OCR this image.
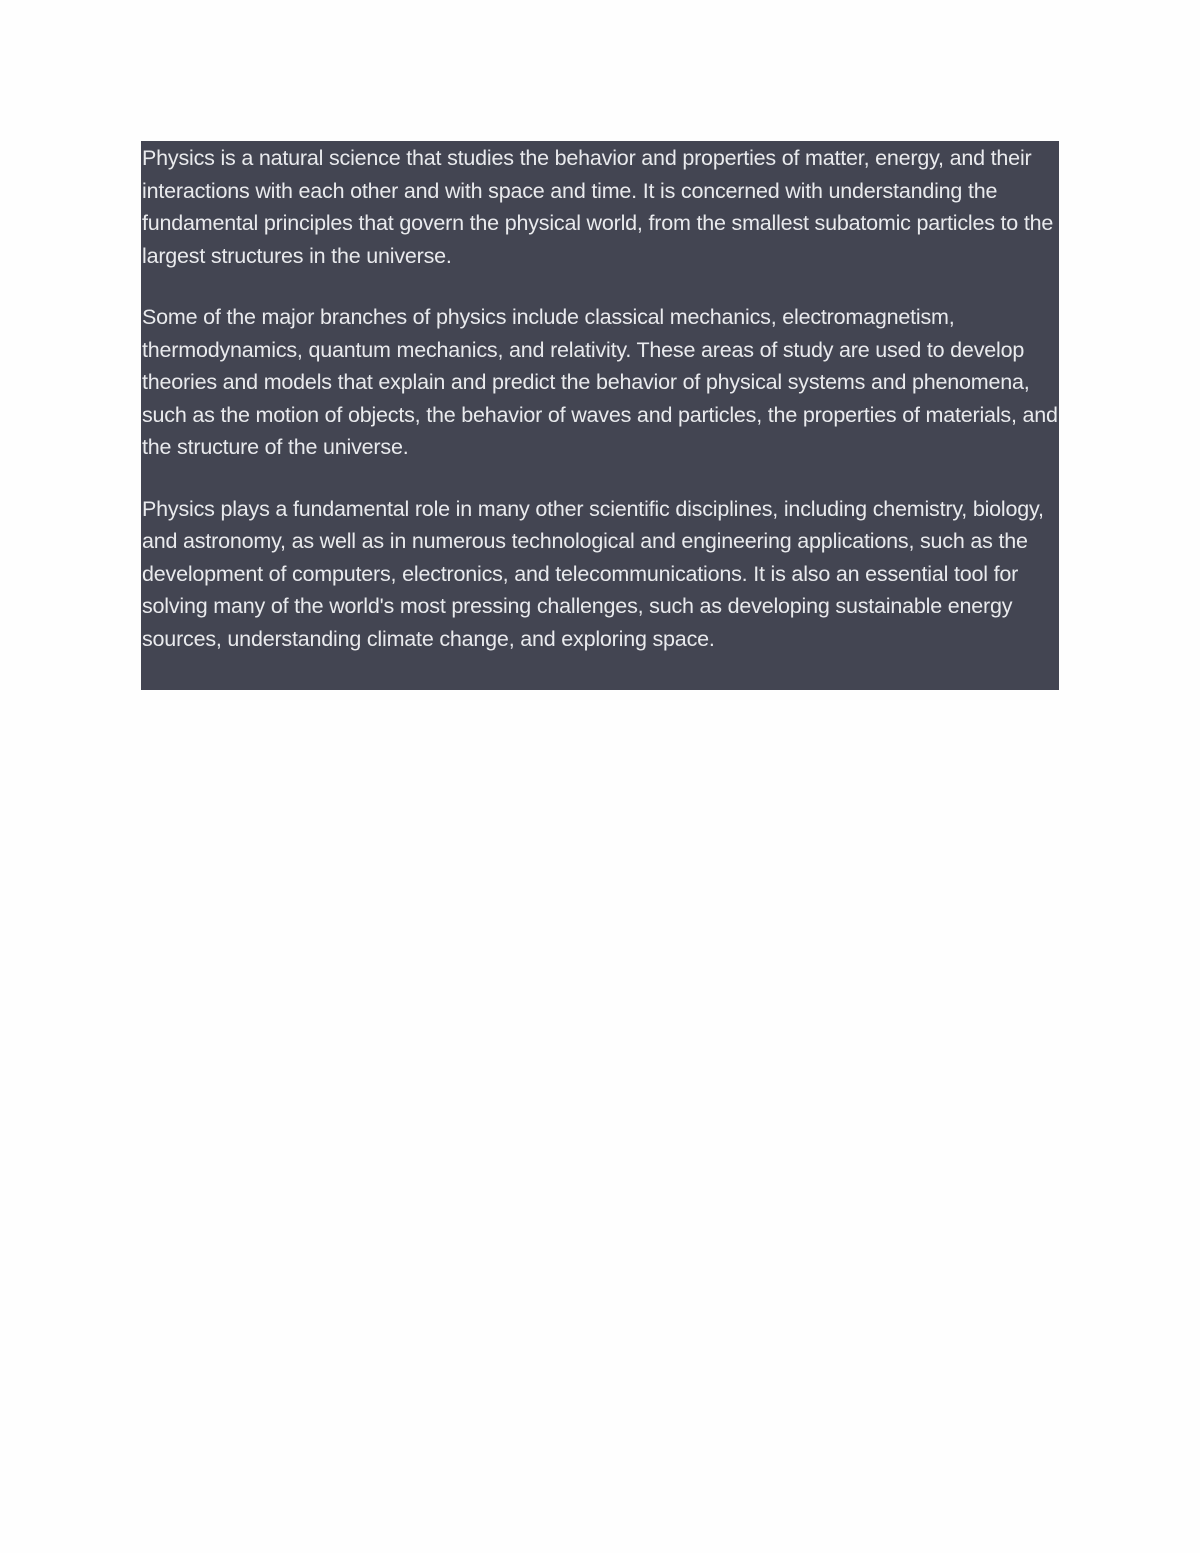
Physics is a natural science that studies the behavior and properties of matter, energy, and their interactions with each other and with space and time. It is concerned with understanding the fundamental principles that govern the physical world, from the smallest subatomic particles to the largest structures in the universe.

Some of the major branches of physics include classical mechanics, electromagnetism, thermodynamics, quantum mechanics, and relativity. These areas of study are used to develop theories and models that explain and predict the behavior of physical systems and phenomena, such as the motion of objects, the behavior of waves and particles, the properties of materials, and the structure of the universe.

Physics plays a fundamental role in many other scientific disciplines, including chemistry, biology, and astronomy, as well as in numerous technological and engineering applications, such as the development of computers, electronics, and telecommunications. It is also an essential tool for solving many of the world's most pressing challenges, such as developing sustainable energy sources, understanding climate change, and exploring space.
